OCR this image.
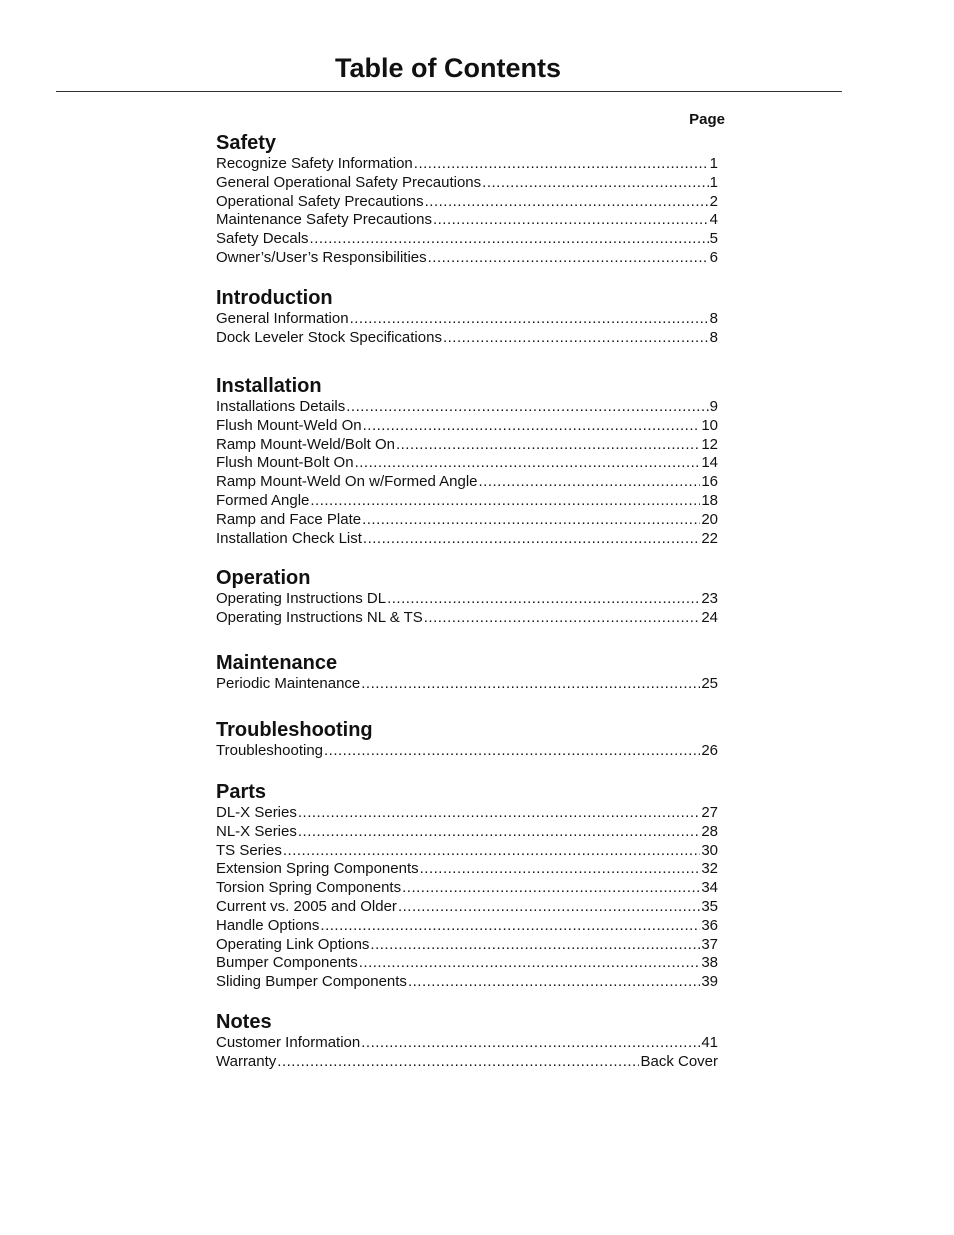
Table of Contents
Page
Safety
Recognize Safety Information .....	1
General Operational Safety Precautions .....	1
Operational Safety Precautions .....	2
Maintenance Safety Precautions .....	4
Safety Decals .....	5
Owner’s/User’s Responsibilities .....	6
Introduction
General Information .....	8
Dock Leveler Stock Specifications .....	8
Installation
Installations Details .....	9
Flush Mount-Weld On .....	10
Ramp Mount-Weld/Bolt On .....	12
Flush Mount-Bolt On .....	14
Ramp Mount-Weld On w/Formed Angle .....	16
Formed Angle .....	18
Ramp and Face Plate .....	20
Installation Check List .....	22
Operation
Operating Instructions DL .....	23
Operating Instructions NL & TS .....	24
Maintenance
Periodic Maintenance .....	25
Troubleshooting
Troubleshooting .....	26
Parts
DL-X Series .....	27
NL-X Series .....	28
TS Series .....	30
Extension Spring Components .....	32
Torsion Spring Components .....	34
Current vs. 2005 and Older .....	35
Handle Options .....	36
Operating Link Options .....	37
Bumper Components .....	38
Sliding Bumper Components .....	39
Notes
Customer Information .....	41
Warranty .....	Back Cover
